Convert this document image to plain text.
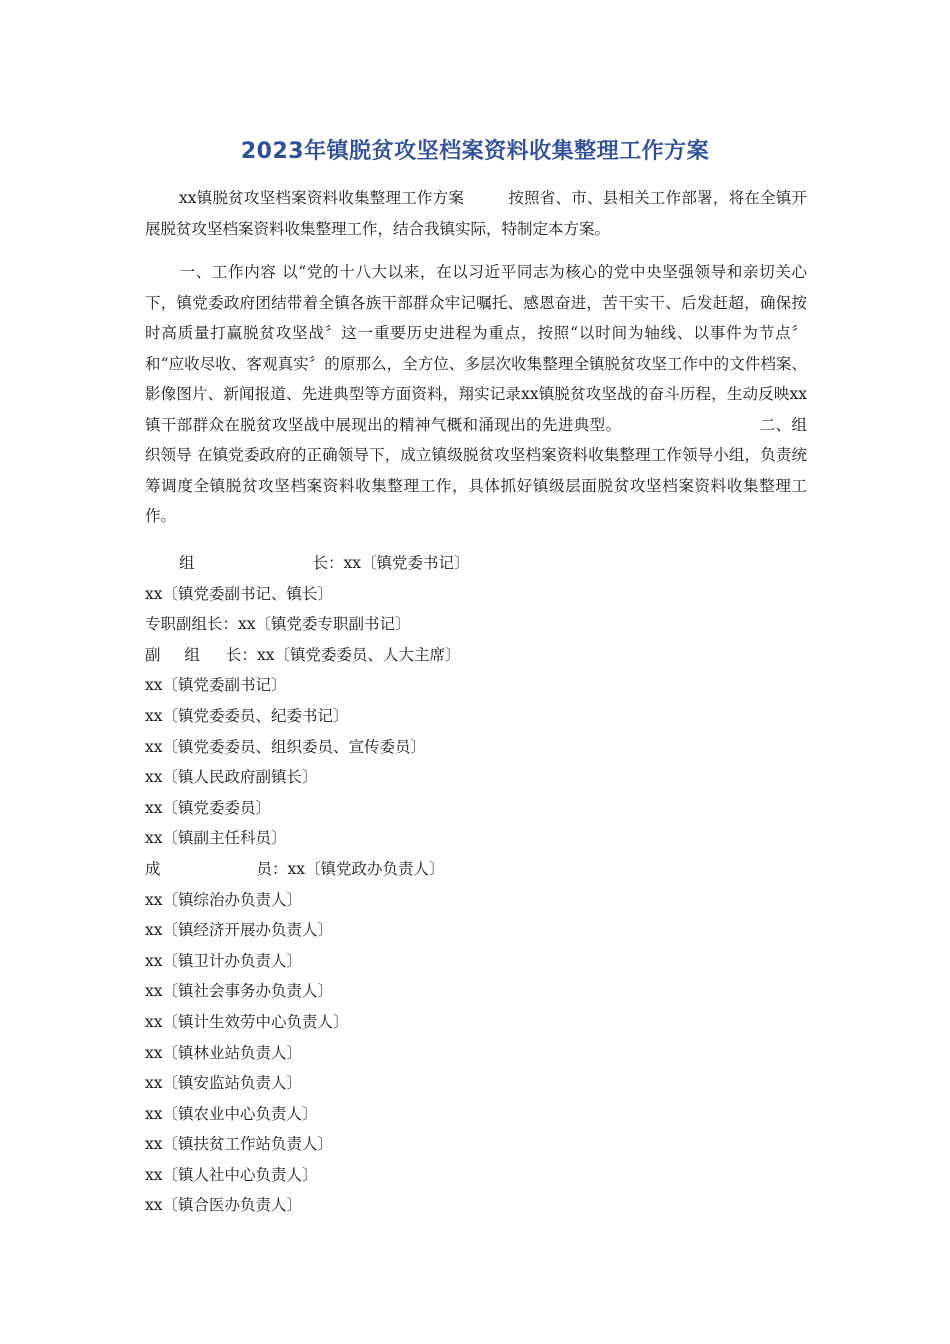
2023年镇脱贫攻坚档案资料收集整理工作方案
xx镇脱贫攻坚档案资料收集整理工作方案	按照省、市、县相关工作部署，将在全镇开展脱贫攻坚档案资料收集整理工作，结合我镇实际，特制定本方案。
一、工作内容 以“党的十八大以来，在以习近平同志为核心的党中央坚强领导和亲切关心下，镇党委政府团结带着全镇各族干部群众牢记嘱托、感恩奋进，苦干实干、后发赶超，确保按时高质量打赢脱贫攻坚战〞这一重要历史进程为重点，按照“以时间为轴线、以事件为节点〞和“应收尽收、客观真实〞的原那么，全方位、多层次收集整理全镇脱贫攻坚工作中的文件档案、影像图片、新闻报道、先进典型等方面资料，翔实记录xx镇脱贫攻坚战的奋斗历程，生动反映xx镇干部群众在脱贫攻坚战中展现出的精神气概和涌现出的先进典型。	二、组织领导 在镇党委政府的正确领导下，成立镇级脱贫攻坚档案资料收集整理工作领导小组，负责统筹调度全镇脱贫攻坚档案资料收集整理工作，具体抓好镇级层面脱贫攻坚档案资料收集整理工作。
组	长：xx〔镇党委书记〕
xx〔镇党委副书记、镇长〕
专职副组长：xx〔镇党委专职副书记〕
副 组 长：xx〔镇党委委员、人大主席〕
xx〔镇党委副书记〕
xx〔镇党委委员、纪委书记〕
xx〔镇党委委员、组织委员、宣传委员〕
xx〔镇人民政府副镇长〕
xx〔镇党委委员〕
xx〔镇副主任科员〕
成	员：xx〔镇党政办负责人〕
xx〔镇综治办负责人〕
xx〔镇经济开展办负责人〕
xx〔镇卫计办负责人〕
xx〔镇社会事务办负责人〕
xx〔镇计生效劳中心负责人〕
xx〔镇林业站负责人〕
xx〔镇安监站负责人〕
xx〔镇农业中心负责人〕
xx〔镇扶贫工作站负责人〕
xx〔镇人社中心负责人〕
xx〔镇合医办负责人〕
